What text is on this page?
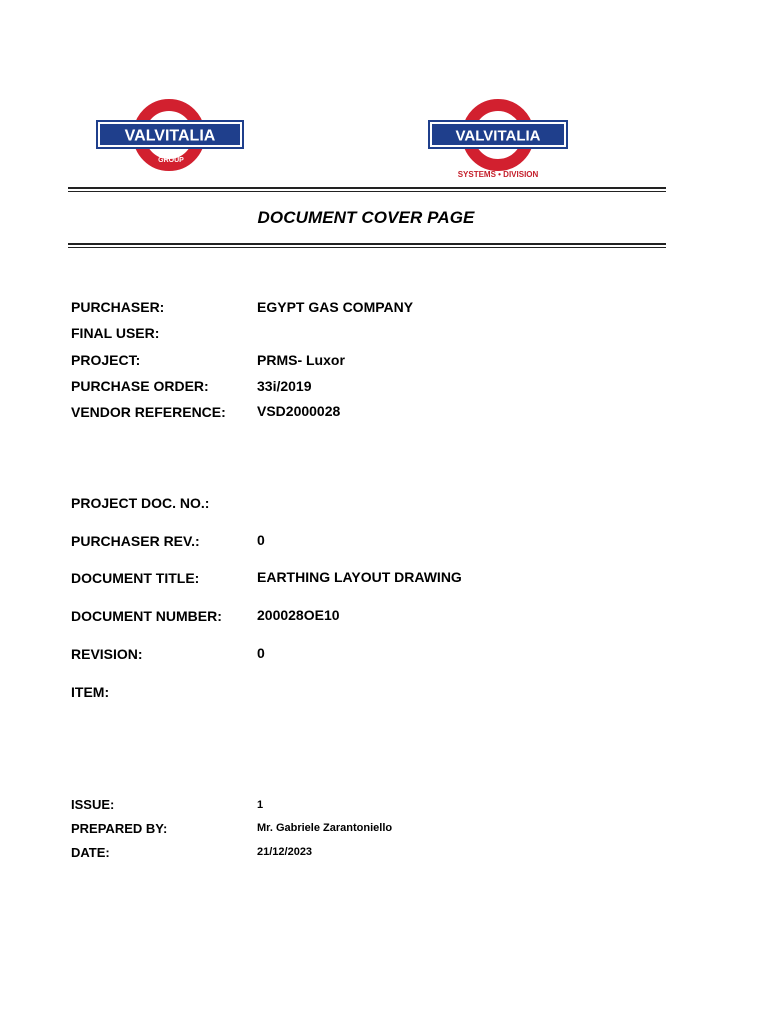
VALVITALIA
GROUP
VALVITALIA
SYSTEMS • DIVISION
DOCUMENT COVER PAGE
PURCHASER:	EGYPT GAS COMPANY
FINAL USER:
PROJECT:	PRMS- Luxor
PURCHASE ORDER:	33i/2019
VENDOR REFERENCE: VSD2000028
PROJECT DOC. NO.:
PURCHASER REV.:	0
DOCUMENT TITLE:	EARTHING LAYOUT DRAWING
DOCUMENT NUMBER:	200028OE10
REVISION:	0
ITEM:
ISSUE:	1
PREPARED BY:	Mr. Gabriele Zarantoniello
DATE:	21/12/2023
